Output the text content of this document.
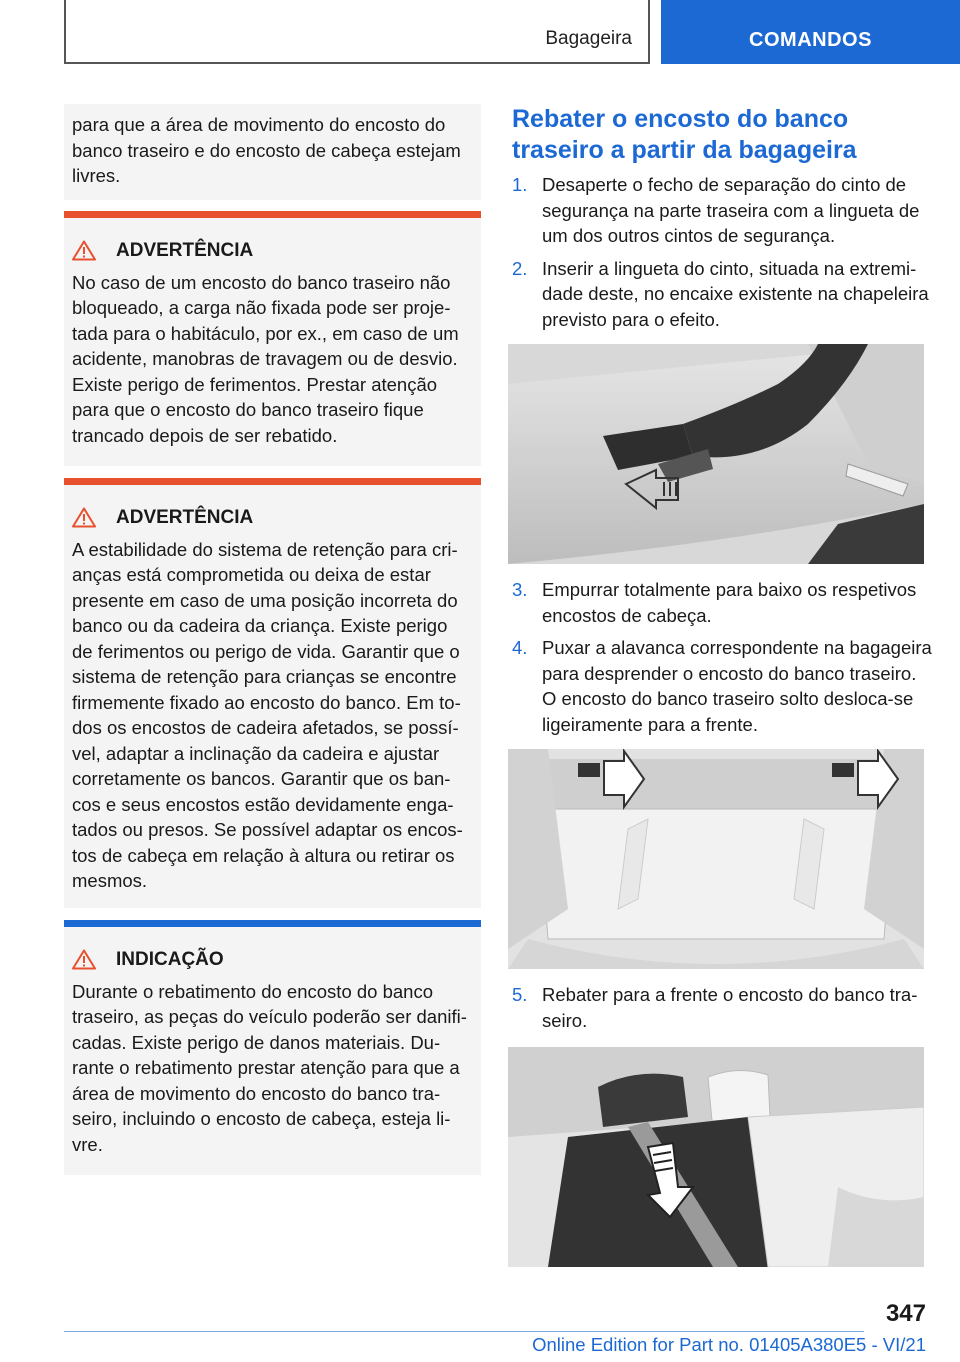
Bagageira	COMANDOS
para que a área de movimento do encosto do banco traseiro e do encosto de cabeça estejam livres.
ADVERTÊNCIA
No caso de um encosto do banco traseiro não bloqueado, a carga não fixada pode ser projetada para o habitáculo, por ex., em caso de um acidente, manobras de travagem ou de desvio. Existe perigo de ferimentos. Prestar atenção para que o encosto do banco traseiro fique trancado depois de ser rebatido.
ADVERTÊNCIA
A estabilidade do sistema de retenção para crianças está comprometida ou deixa de estar presente em caso de uma posição incorreta do banco ou da cadeira da criança. Existe perigo de ferimentos ou perigo de vida. Garantir que o sistema de retenção para crianças se encontre firmemente fixado ao encosto do banco. Em todos os encostos de cadeira afetados, se possível, adaptar a inclinação da cadeira e ajustar corretamente os bancos. Garantir que os bancos e seus encostos estão devidamente engatados ou presos. Se possível adaptar os encostos de cabeça em relação à altura ou retirar os mesmos.
INDICAÇÃO
Durante o rebatimento do encosto do banco traseiro, as peças do veículo poderão ser danificadas. Existe perigo de danos materiais. Durante o rebatimento prestar atenção para que a área de movimento do encosto do banco traseiro, incluindo o encosto de cabeça, esteja livre.
Rebater o encosto do banco traseiro a partir da bagageira
1. Desaperte o fecho de separação do cinto de segurança na parte traseira com a lingueta de um dos outros cintos de segurança.
2. Inserir a lingueta do cinto, situada na extremidade deste, no encaixe existente na chapeleira previsto para o efeito.
3. Empurrar totalmente para baixo os respetivos encostos de cabeça.
4. Puxar a alavanca correspondente na bagageira para desprender o encosto do banco traseiro. O encosto do banco traseiro solto desloca-se ligeiramente para a frente.
5. Rebater para a frente o encosto do banco traseiro.
347
Online Edition for Part no. 01405A380E5 - VI/21
